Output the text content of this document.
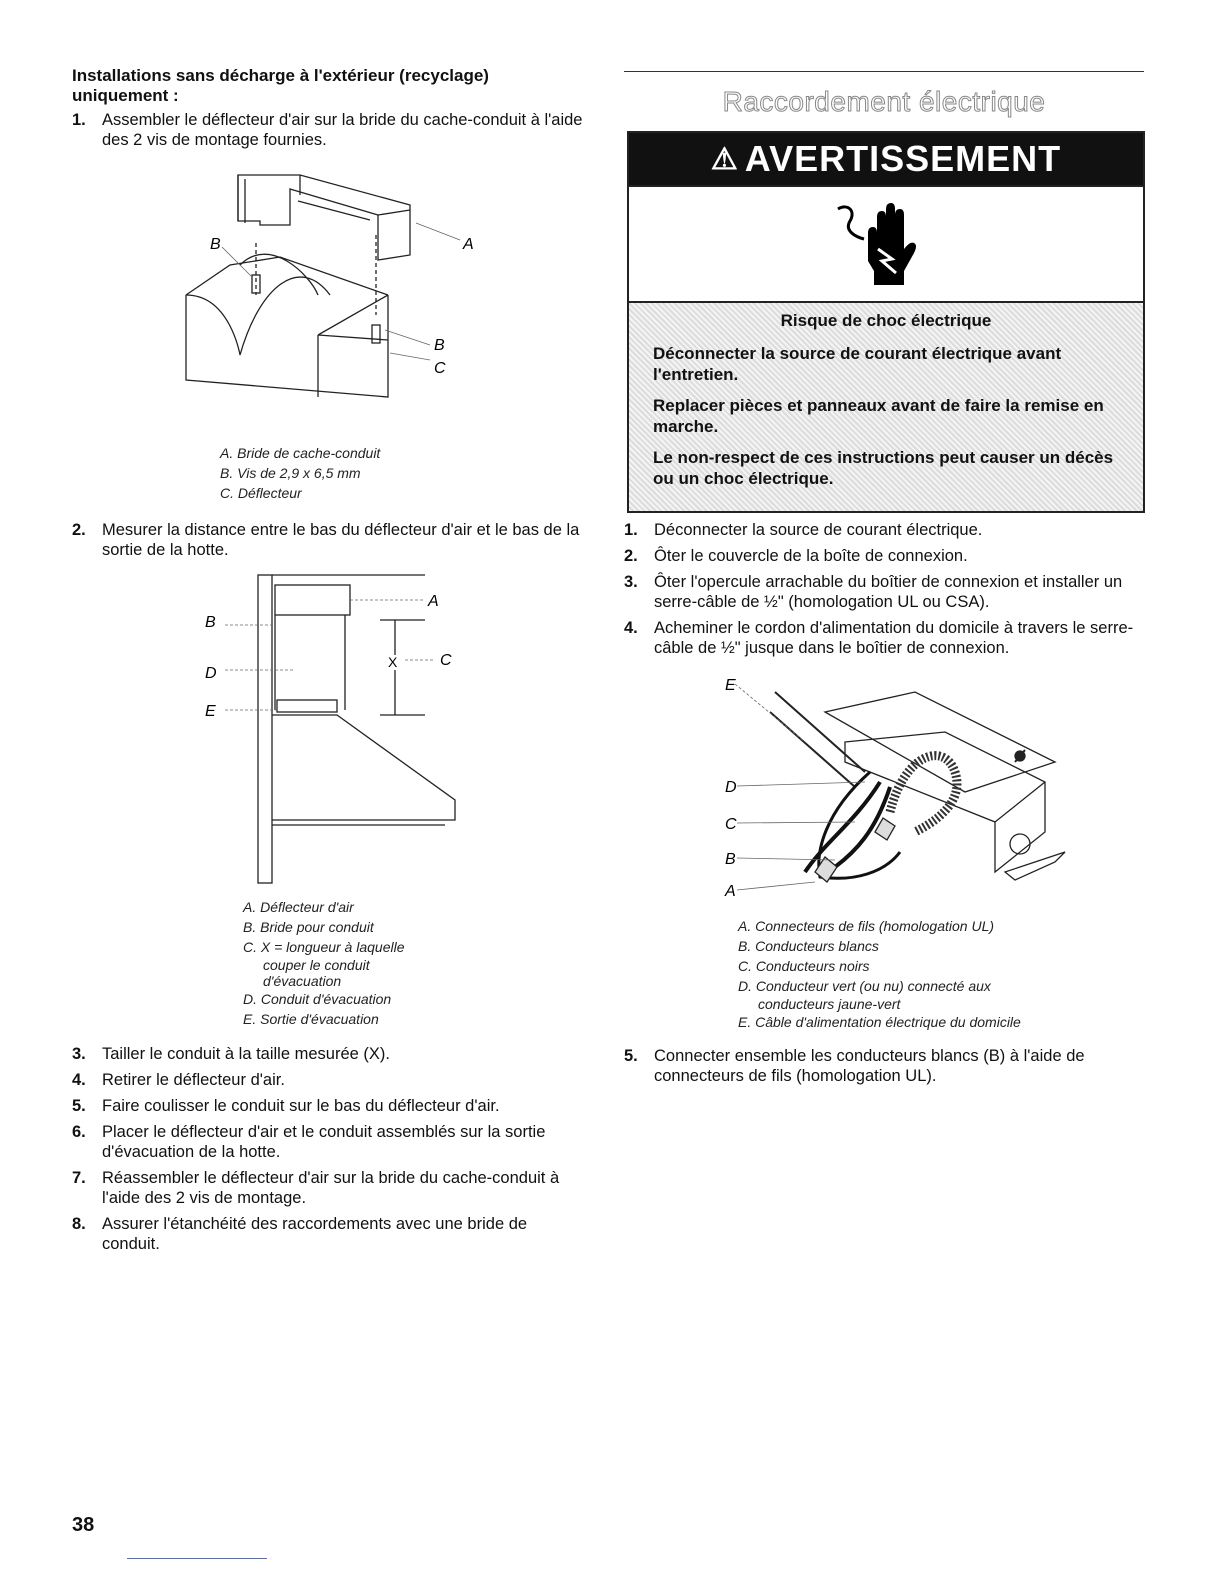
Installations sans décharge à l'extérieur (recyclage) uniquement :
1. Assembler le déflecteur d'air sur la bride du cache-conduit à l'aide des 2 vis de montage fournies.
A
B
B
C
A. Bride de cache-conduit
B. Vis de 2,9 x 6,5 mm
C. Déflecteur
2. Mesurer la distance entre le bas du déflecteur d'air et le bas de la sortie de la hotte.
A
B
C
D
E
X
A. Déflecteur d'air
B. Bride pour conduit
C. X = longueur à laquelle
couper le conduit
d'évacuation
D. Conduit d'évacuation
E. Sortie d'évacuation
3. Tailler le conduit à la taille mesurée (X).
4. Retirer le déflecteur d'air.
5. Faire coulisser le conduit sur le bas du déflecteur d'air.
6. Placer le déflecteur d'air et le conduit assemblés sur la sortie d'évacuation de la hotte.
7. Réassembler le déflecteur d'air sur la bride du cache-conduit à l'aide des 2 vis de montage.
8. Assurer l'étanchéité des raccordements avec une bride de conduit.
Raccordement électrique
⚠ AVERTISSEMENT
Risque de choc électrique

Déconnecter la source de courant électrique avant l'entretien.

Replacer pièces et panneaux avant de faire la remise en marche.

Le non-respect de ces instructions peut causer un décès ou un choc électrique.

1. Déconnecter la source de courant électrique.
2. Ôter le couvercle de la boîte de connexion.
3. Ôter l'opercule arrachable du boîtier de connexion et installer un serre-câble de ½" (homologation UL ou CSA).
4. Acheminer le cordon d'alimentation du domicile à travers le serre-câble de ½" jusque dans le boîtier de connexion.
E
D
C
B
A
A. Connecteurs de fils (homologation UL)
B. Conducteurs blancs
C. Conducteurs noirs
D. Conducteur vert (ou nu) connecté aux
conducteurs jaune-vert
E. Câble d'alimentation électrique du domicile
5. Connecter ensemble les conducteurs blancs (B) à l'aide de connecteurs de fils (homologation UL).
38
